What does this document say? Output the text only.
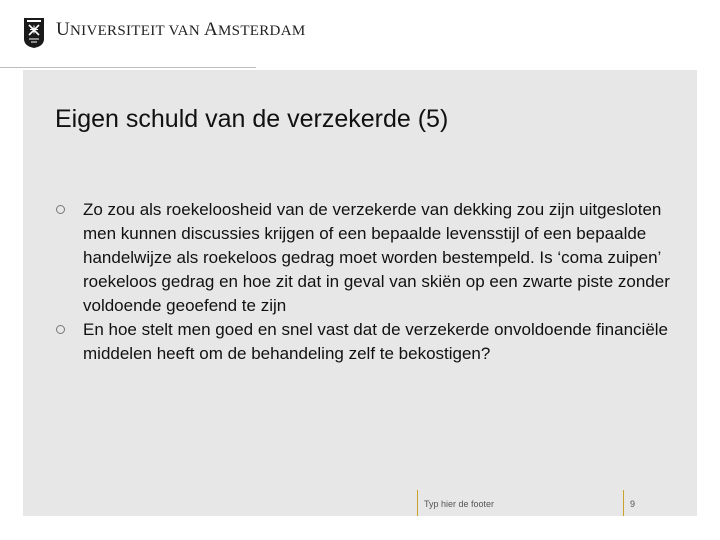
UNIVERSITEIT VAN AMSTERDAM
Eigen schuld van de verzekerde (5)
Zo zou als roekeloosheid van de verzekerde van dekking zou zijn uitgesloten men kunnen discussies krijgen of een bepaalde levensstijl of een bepaalde handelwijze als roekeloos gedrag moet worden bestempeld. Is ‘coma zuipen’ roekeloos gedrag en hoe zit dat in geval van skiën op een zwarte piste zonder voldoende geoefend te zijn
En hoe stelt men goed en snel vast dat de verzekerde onvoldoende financiële middelen heeft om de behandeling zelf te bekostigen?
Typ hier de footer	9
